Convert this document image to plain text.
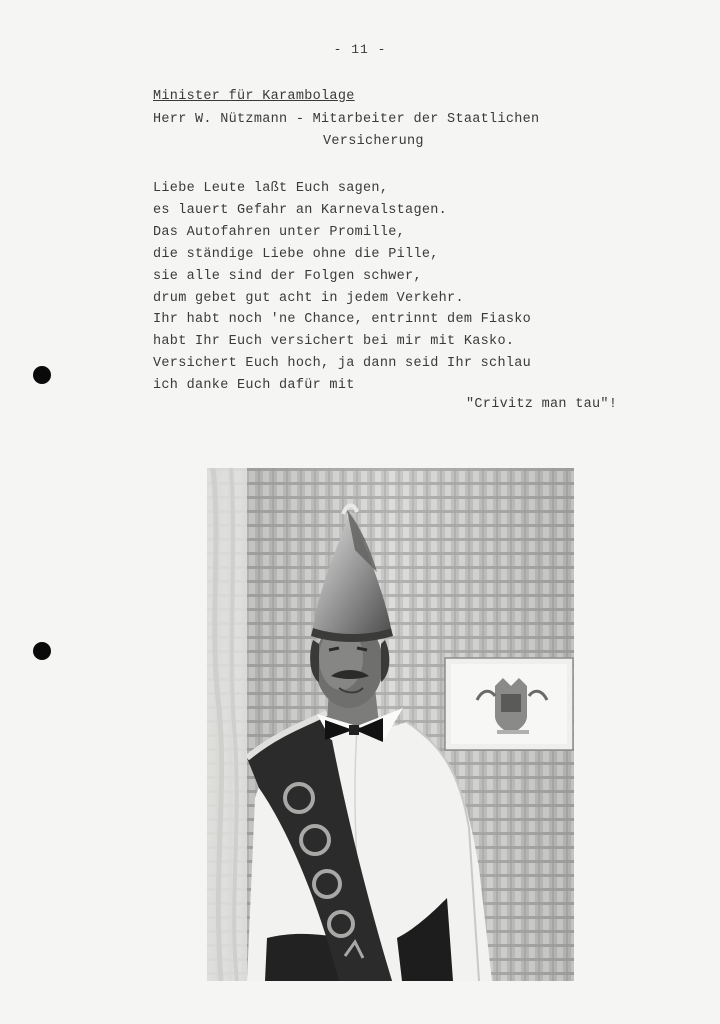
- 11 -
Minister für Karambolage
Herr W. Nützmann - Mitarbeiter der Staatlichen
Versicherung
Liebe Leute laßt Euch sagen,
es lauert Gefahr an Karnevalstagen.
Das Autofahren unter Promille,
die ständige Liebe ohne die Pille,
sie alle sind der Folgen schwer,
drum gebet gut acht in jedem Verkehr.
Ihr habt noch 'ne Chance, entrinnt dem Fiasko
habt Ihr Euch versichert bei mir mit Kasko.
Versichert Euch hoch, ja dann seid Ihr schlau
ich danke Euch dafür mit
"Crivitz man tau"!
